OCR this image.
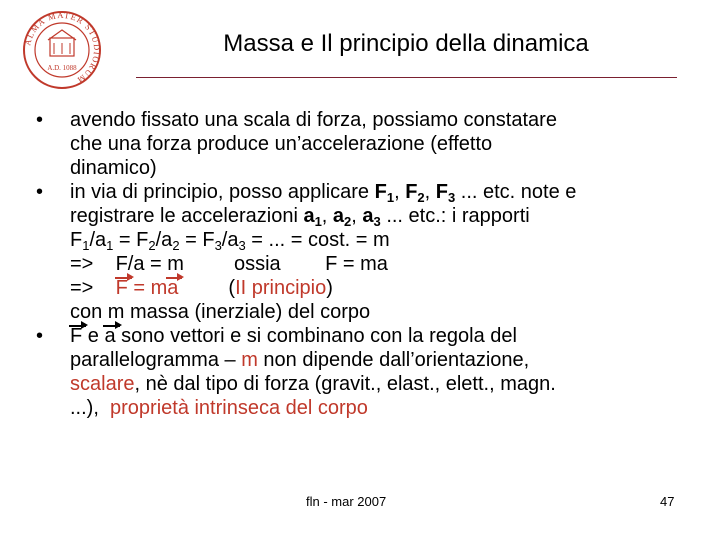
ALMA MATER STUDIORUM
A.D. 1088
Massa e Il principio della dinamica
•	avendo fissato una scala di forza, possiamo constatare
che una forza produce un’accelerazione (effetto
dinamico)
•	in via di principio, posso applicare $F_1$, $F_2$, $F_3$ ... etc. note e
registrare le accelerazioni $a_1$, $a_2$, $a_3$ ... etc.: i rapporti
$F_1/a_1 = F_2/a_2 = F_3/a_3$ = ... = cost. = m
=>    F/a = m         ossia        F = ma
=>    F = ma         (II principio)
con m massa (inerziale) del corpo
•	F e a sono vettori e si combinano con la regola del
parallelogramma – m non dipende dall’orientazione,
scalare, nè dal tipo di forza (gravit., elast., elett., magn.
...),  proprietà intrinseca del corpo
fln - mar 2007	47
